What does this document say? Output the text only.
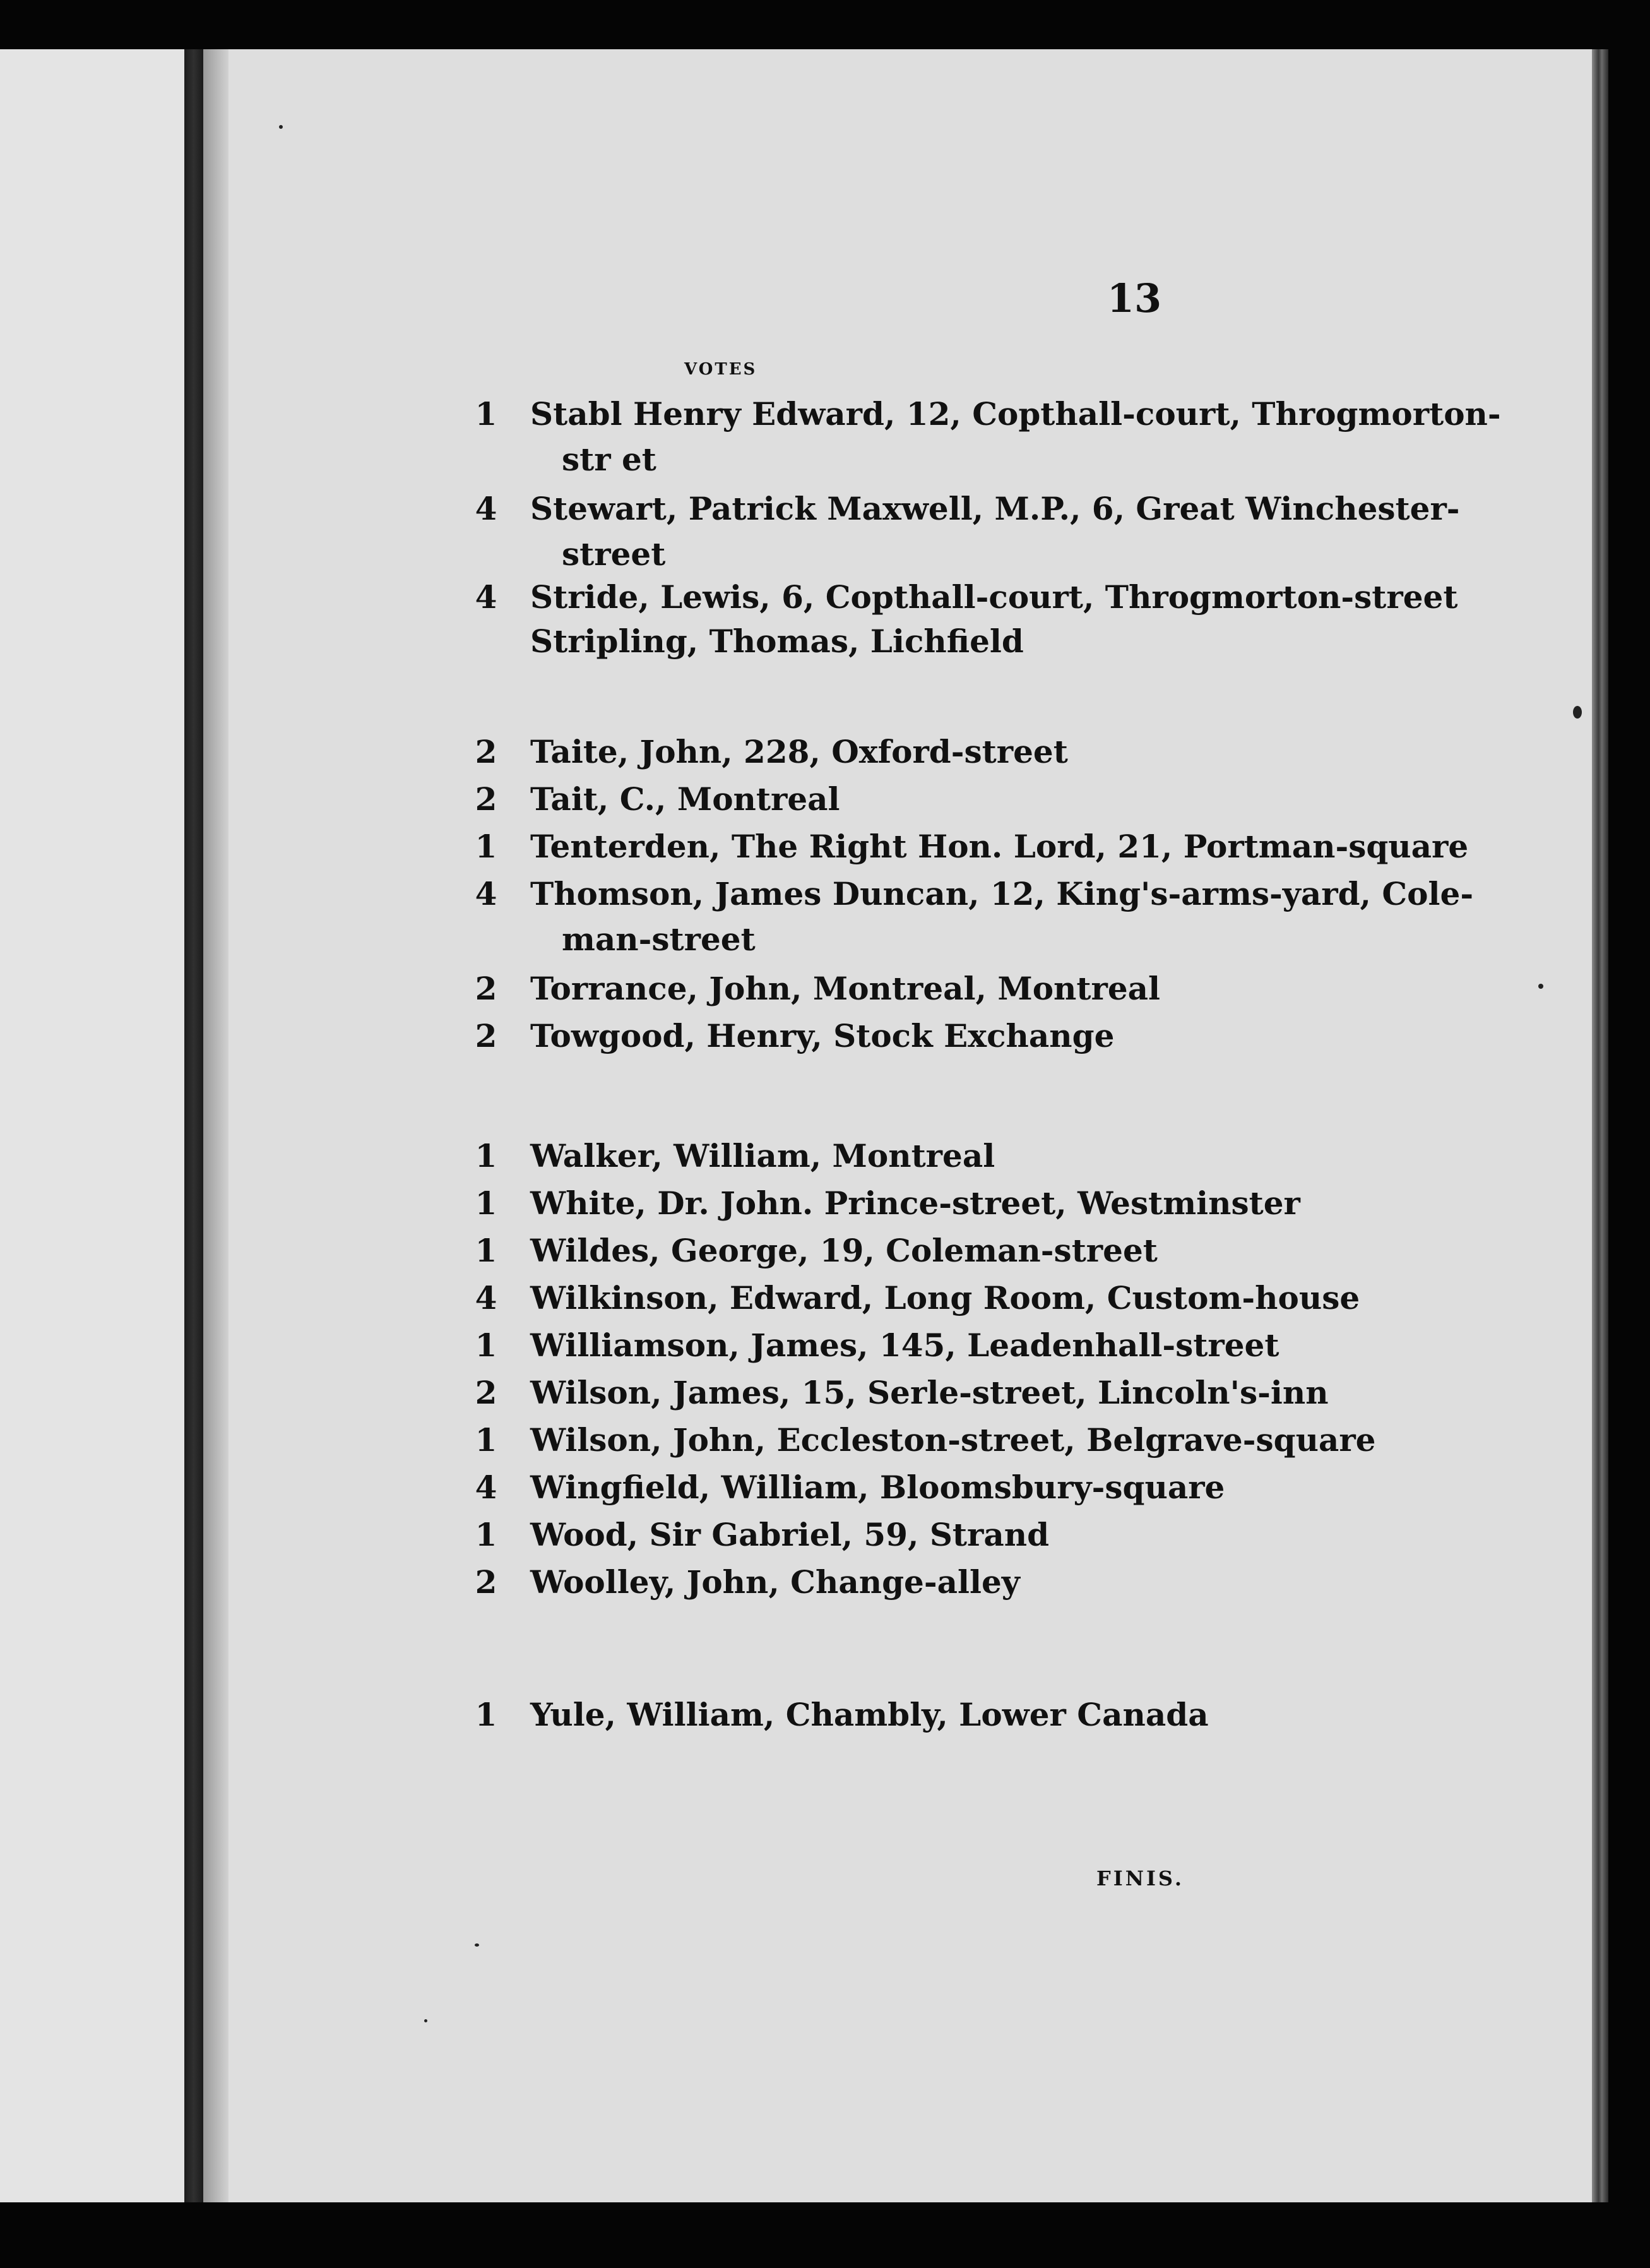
13
VOTES
1 Stabl Henry Edward, 12, Copthall-court, Throgmorton-
str et
4 Stewart, Patrick Maxwell, M.P., 6, Great Winchester-
street
4 Stride, Lewis, 6, Copthall-court, Throgmorton-street
Stripling, Thomas, Lichfield
2 Taite, John, 228, Oxford-street
2 Tait, C., Montreal
1 Tenterden, The Right Hon. Lord, 21, Portman-square
4 Thomson, James Duncan, 12, King's-arms-yard, Cole-
man-street
2 Torrance, John, Montreal, Montreal
2 Towgood, Henry, Stock Exchange
1 Walker, William, Montreal
1 White, Dr. John. Prince-street, Westminster
1 Wildes, George, 19, Coleman-street
4 Wilkinson, Edward, Long Room, Custom-house
1 Williamson, James, 145, Leadenhall-street
2 Wilson, James, 15, Serle-street, Lincoln's-inn
1 Wilson, John, Eccleston-street, Belgrave-square
4 Wingfield, William, Bloomsbury-square
1 Wood, Sir Gabriel, 59, Strand
2 Woolley, John, Change-alley
1 Yule, William, Chambly, Lower Canada
FINIS.
